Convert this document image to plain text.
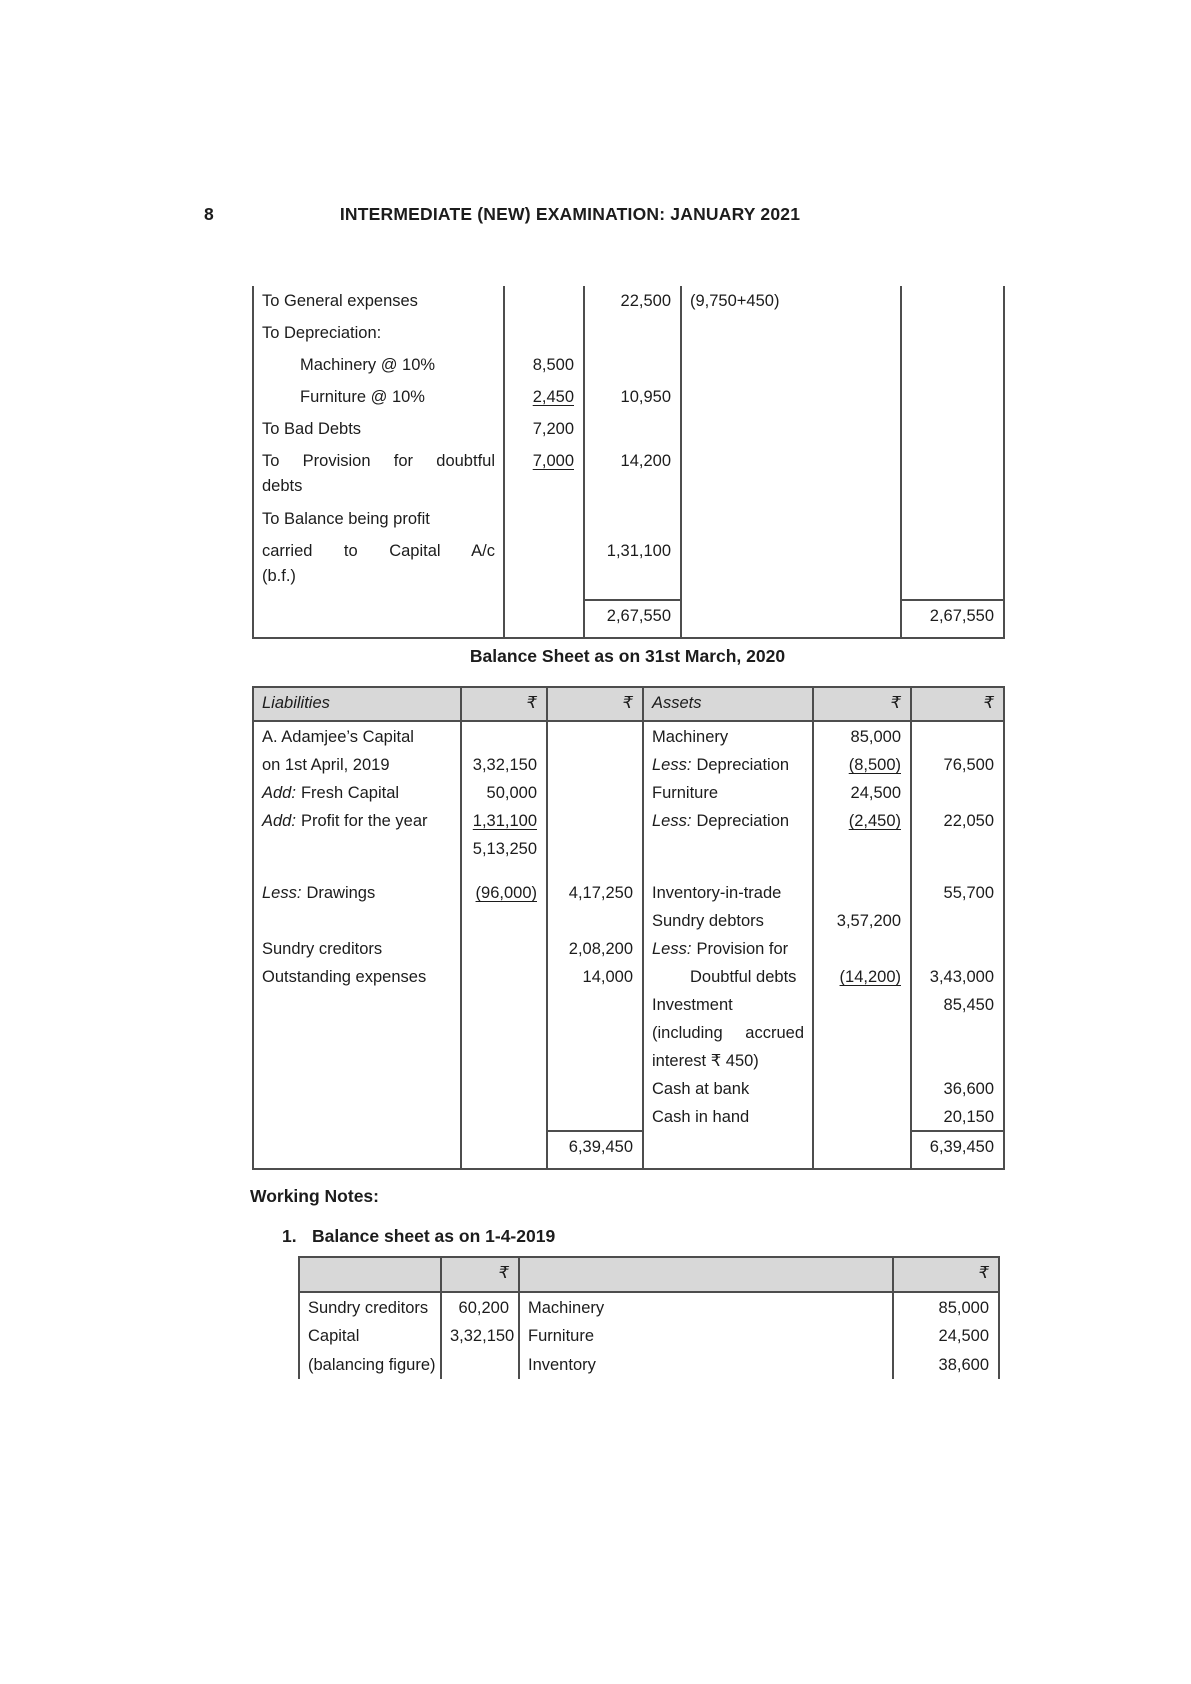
8	INTERMEDIATE (NEW) EXAMINATION: JANUARY 2021
To General expenses		22,500	(9,750+450)	
To Depreciation:				
Machinery @ 10%	8,500			
Furniture @ 10%	2,450	10,950		
To Bad Debts	7,200			

To Provision for doubtful
debts	7,000	14,200		
To Balance being profit				

carried to Capital A/c
(b.f.)		1,31,100		
		2,67,550		2,67,550
Balance Sheet as on 31st March, 2020
Liabilities	₹	₹	Assets	₹	₹
A. Adamjee’s Capital			Machinery	85,000	
on 1st April, 2019	3,32,150		Less: Depreciation	(8,500)	76,500
Add: Fresh Capital	50,000		Furniture	24,500	
Add: Profit for the year	1,31,100		Less: Depreciation	(2,450)	22,050
	5,13,250				

Less: Drawings	(96,000)	4,17,250	Inventory-in-trade		55,700
			Sundry debtors	3,57,200	
Sundry creditors		2,08,200	Less: Provision for		
Outstanding expenses		14,000	Doubtful debts	(14,200)	3,43,000
			Investment		85,450

			(including accrued		

			interest ₹ 450)		
			Cash at bank		36,600
			Cash in hand		20,150
		6,39,450			6,39,450
Working Notes:
1. Balance sheet as on 1-4-2019
	₹		₹
Sundry creditors	60,200	Machinery	85,000
Capital	3,32,150	Furniture	24,500
(balancing figure)		Inventory	38,600
